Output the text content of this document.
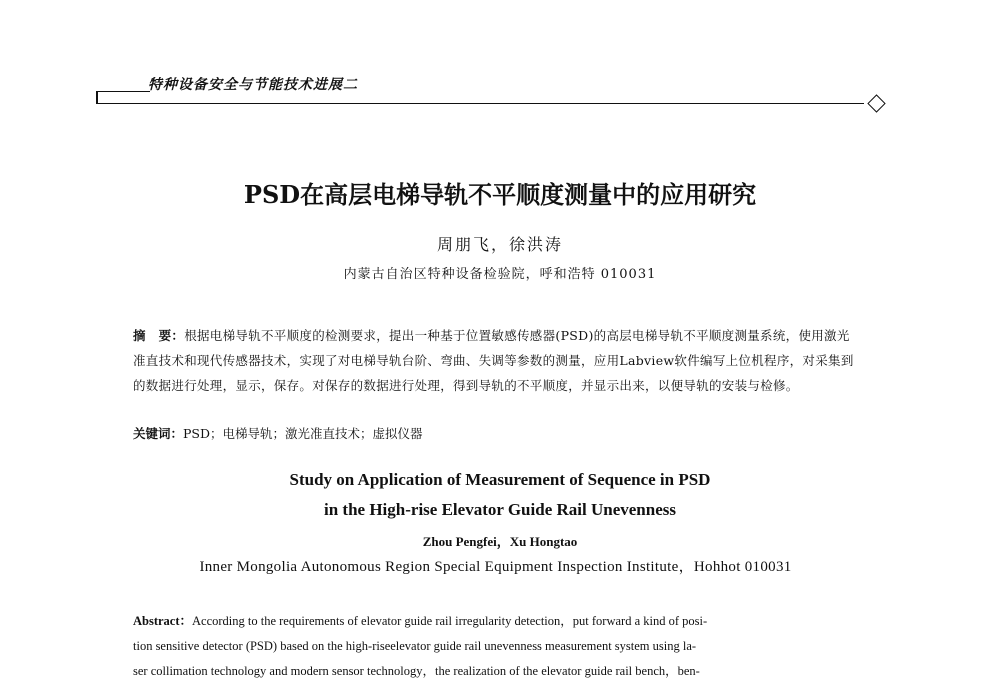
特种设备安全与节能技术进展二
PSD在高层电梯导轨不平顺度测量中的应用研究
周朋飞，徐洪涛
内蒙古自治区特种设备检验院，呼和浩特 010031
摘　要：根据电梯导轨不平顺度的检测要求，提出一种基于位置敏感传感器(PSD)的高层电梯导轨不平顺度测量系统，使用激光准直技术和现代传感器技术，实现了对电梯导轨台阶、弯曲、失调等参数的测量，应用Labview软件编写上位机程序，对采集到的数据进行处理，显示，保存。对保存的数据进行处理，得到导轨的不平顺度，并显示出来，以便导轨的安装与检修。
关键词：PSD；电梯导轨；激光准直技术；虚拟仪器
Study on Application of Measurement of Sequence in PSD
in the High-rise Elevator Guide Rail Unevenness
Zhou Pengfei，Xu Hongtao
Inner Mongolia Autonomous Region Special Equipment Inspection Institute，Hohhot 010031
Abstract：According to the requirements of elevator guide rail irregularity detection，put forward a kind of posi-
tion sensitive detector (PSD) based on the high-riseelevator guide rail unevenness measurement system using la-
ser collimation technology and modern sensor technology，the realization of the elevator guide rail bench，ben-
